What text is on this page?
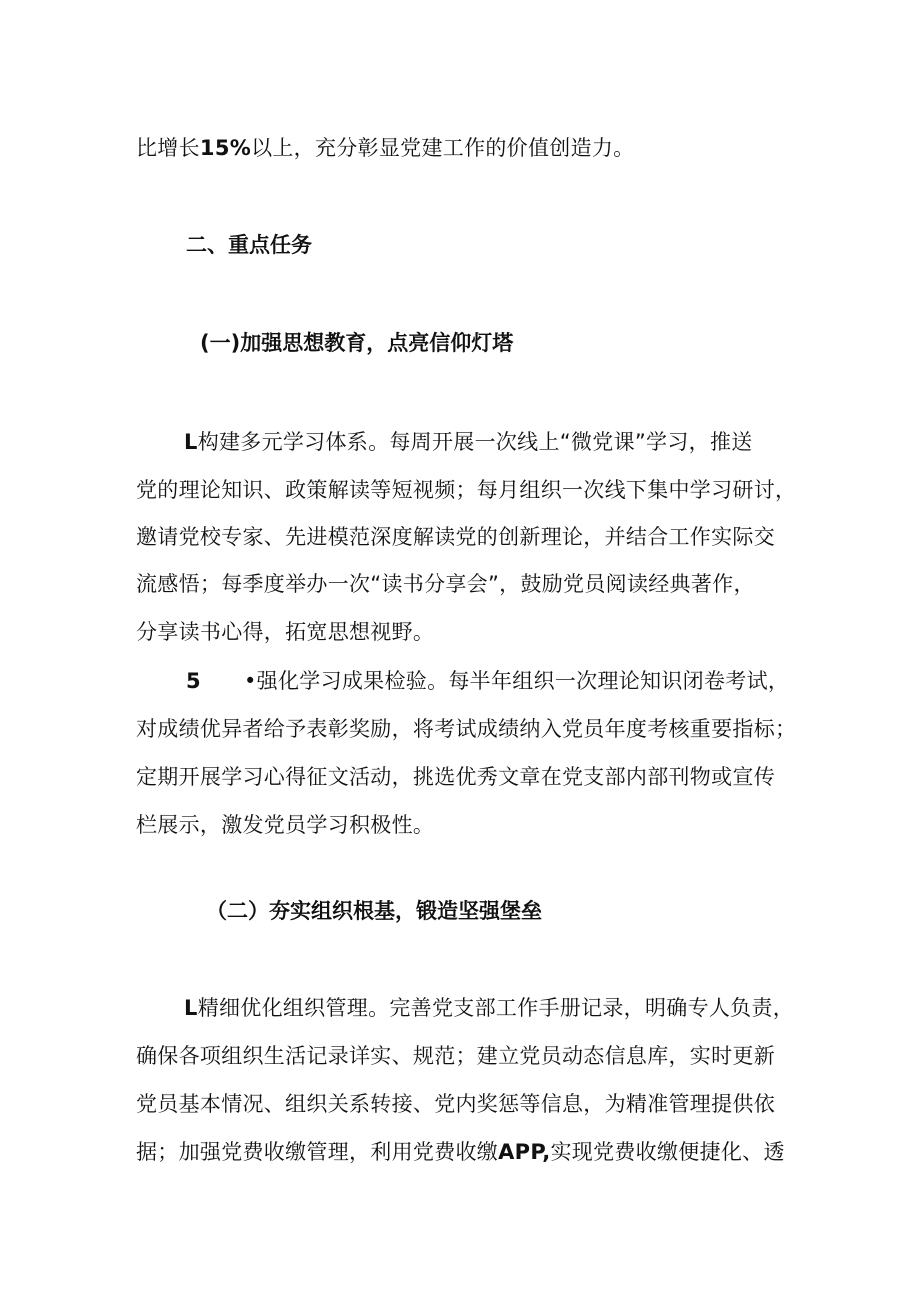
比增长15%以上，充分彰显党建工作的价值创造力。
二、重点任务
(一)加强思想教育，点亮信仰灯塔
L构建多元学习体系。每周开展一次线上“微党课”学习，推送
党的理论知识、政策解读等短视频；每月组织一次线下集中学习研讨，
邀请党校专家、先进模范深度解读党的创新理论，并结合工作实际交
流感悟；每季度举办一次“读书分享会”，鼓励党员阅读经典著作，
分享读书心得，拓宽思想视野。
5 •强化学习成果检验。每半年组织一次理论知识闭卷考试，
对成绩优异者给予表彰奖励，将考试成绩纳入党员年度考核重要指标；
定期开展学习心得征文活动，挑选优秀文章在党支部内部刊物或宣传
栏展示，激发党员学习积极性。
（二）夯实组织根基，锻造坚强堡垒
L精细优化组织管理。完善党支部工作手册记录，明确专人负责，
确保各项组织生活记录详实、规范；建立党员动态信息库，实时更新
党员基本情况、组织关系转接、党内奖惩等信息，为精准管理提供依
据；加强党费收缴管理，利用党费收缴APP,实现党费收缴便捷化、透
